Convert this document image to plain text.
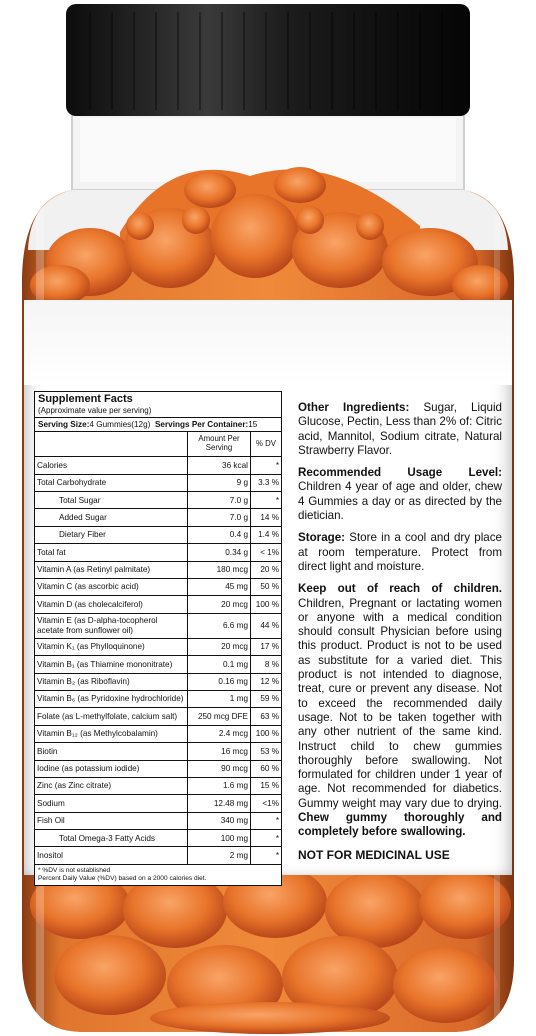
Supplement Facts
(Approximate value per serving)
Serving Size:4 Gummies(12g) Servings Per Container:15
	Amount Per Serving	% DV
Calories	36 kcal	*
Total Carbohydrate	9 g	3.3 %
Total Sugar	7.0 g	*
Added Sugar	7.0 g	14 %
Dietary Fiber	0.4 g	1.4 %
Total fat	0.34 g	< 1%
Vitamin A (as Retinyl palmitate)	180 mcg	20 %
Vitamin C (as ascorbic acid)	45 mg	50 %
Vitamin D (as cholecalciferol)	20 mcg	100 %
Vitamin E (as D-alpha-tocopherol acetate from sunflower oil)	6.6 mg	44 %
Vitamin K₁ (as Phylloquinone)	20 mcg	17 %
Vitamin B₁ (as Thiamine mononitrate)	0.1 mg	8 %
Vitamin B₂ (as Riboflavin)	0.16 mg	12 %
Vitamin B₆ (as Pyridoxine hydrochloride)	1 mg	59 %
Folate (as L-methylfolate, calcium salt)	250 mcg DFE	63 %
Vitamin B₁₂ (as Methylcobalamin)	2.4 mcg	100 %
Biotin	16 mcg	53 %
Iodine (as potassium iodide)	90 mcg	60 %
Zinc (as Zinc citrate)	1.6 mg	15 %
Sodium	12.48 mg	<1%
Fish Oil	340 mg	*
Total Omega-3 Fatty Acids	100 mg	*
Inositol	2 mg	*
* %DV is not established
Percent Daily Value (%DV) based on a 2000 calories diet.

Other Ingredients: Sugar, Liquid Glucose, Pectin, Less than 2% of: Citric acid, Mannitol, Sodium citrate, Natural Strawberry Flavor.

Recommended Usage Level: Children 4 year of age and older, chew 4 Gummies a day or as directed by the dietician.

Storage: Store in a cool and dry place at room temperature. Protect from direct light and moisture.

Keep out of reach of children. Children, Pregnant or lactating women or anyone with a medical condition should consult Physician before using this product. Product is not to be used as substitute for a varied diet. This product is not intended to diagnose, treat, cure or prevent any disease. Not to exceed the recommended daily usage. Not to be taken together with any other nutrient of the same kind. Instruct child to chew gummies thoroughly before swallowing. Not formulated for children under 1 year of age. Not recommended for diabetics. Gummy weight may vary due to drying. Chew gummy thoroughly and completely before swallowing.

NOT FOR MEDICINAL USE
